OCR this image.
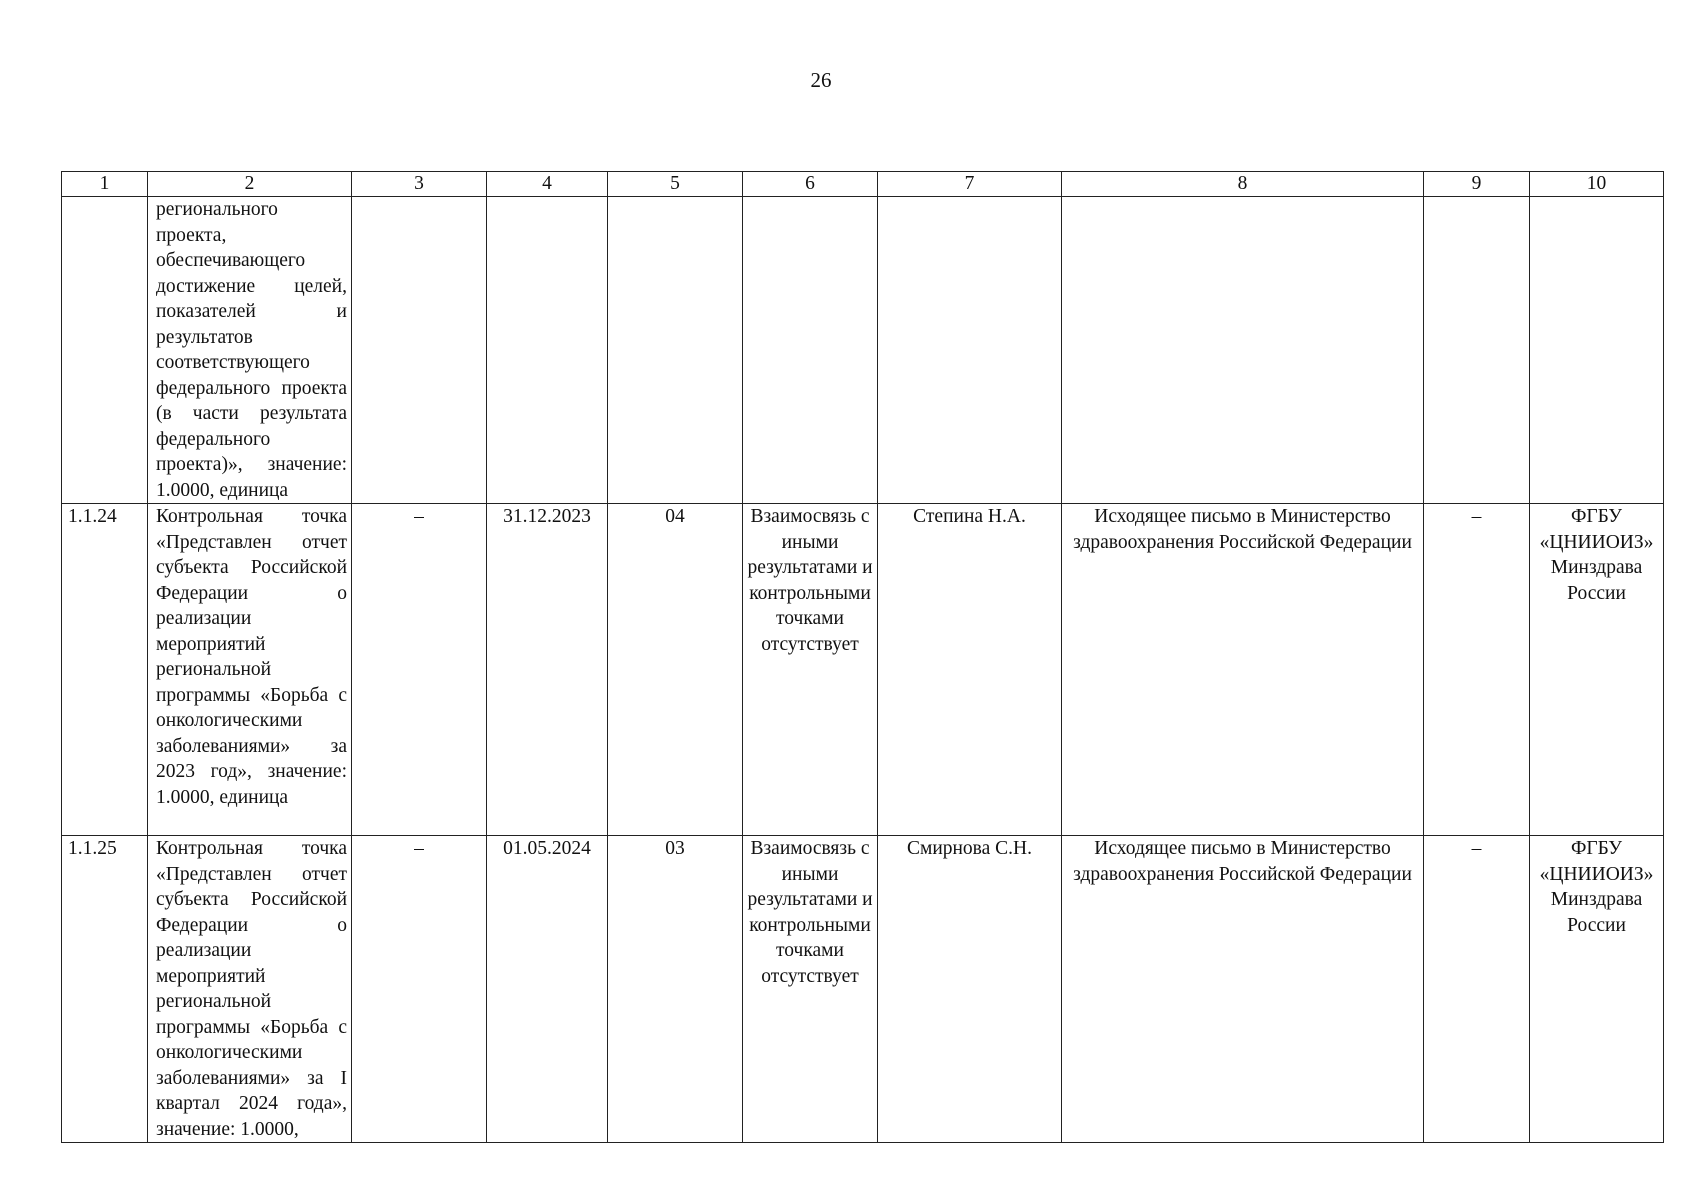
26
1	2	3	4	5	6	7	8	9	10

	регионального проекта, обеспечивающего достижение целей, показателей и результатов соответствующего федерального проекта (в части результата федерального проекта)», значение: 1.0000, единица								

1.1.24	Контрольная точка «Представлен отчет субъекта Российской Федерации о реализации мероприятий региональной программы «Борьба с онкологическими заболеваниями» за 2023 год», значение: 1.0000, единица	–	31.12.2023	04	Взаимосвязь с иными результатами и контрольными точками отсутствует	Степина Н.А.	Исходящее письмо в Министерство здравоохранения Российской Федерации	–	ФГБУ «ЦНИИОИЗ» Минздрава России
1.1.25	Контрольная точка «Представлен отчет субъекта Российской Федерации о реализации мероприятий региональной программы «Борьба с онкологическими заболеваниями» за I квартал 2024 года», значение: 1.0000,	–	01.05.2024	03	Взаимосвязь с иными результатами и контрольными точками отсутствует	Смирнова С.Н.	Исходящее письмо в Министерство здравоохранения Российской Федерации	–	ФГБУ «ЦНИИОИЗ» Минздрава России
